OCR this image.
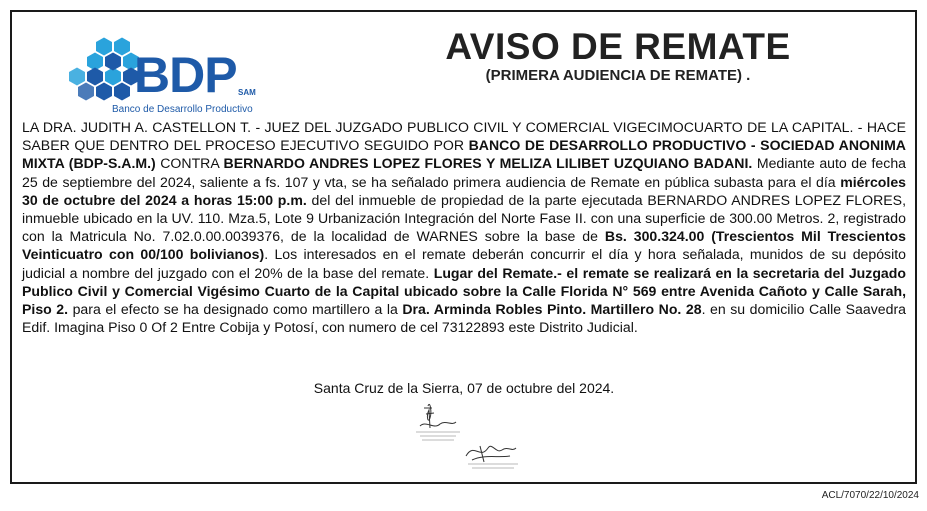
BDP SAM
Banco de Desarrollo Productivo
AVISO DE REMATE
(PRIMERA AUDIENCIA DE REMATE) .
LA DRA. JUDITH A. CASTELLON T. - JUEZ DEL JUZGADO PUBLICO CIVIL Y COMERCIAL VIGECIMOCUARTO DE LA CAPITAL. - HACE SABER QUE DENTRO DEL PROCESO EJECUTIVO SEGUIDO POR BANCO DE DESARROLLO PRODUCTIVO - SOCIEDAD ANONIMA MIXTA (BDP-S.A.M.) CONTRA BERNARDO ANDRES LOPEZ FLORES Y MELIZA LILIBET UZQUIANO BADANI. Mediante auto de fecha 25 de septiembre del 2024, saliente a fs. 107 y vta, se ha señalado primera audiencia de Remate en pública subasta para el día miércoles 30 de octubre del 2024 a horas 15:00 p.m. del del inmueble de propiedad de la parte ejecutada BERNARDO ANDRES LOPEZ FLORES, inmueble ubicado en la UV. 110. Mza.5, Lote 9 Urbanización Integración del Norte Fase II. con una superficie de 300.00 Metros. 2, registrado con la Matricula No. 7.02.0.00.0039376, de la localidad de WARNES sobre la base de Bs. 300.324.00 (Trescientos Mil Trescientos Veinticuatro con 00/100 bolivianos). Los interesados en el remate deberán concurrir el día y hora señalada, munidos de su depósito judicial a nombre del juzgado con el 20% de la base del remate. Lugar del Remate.- el remate se realizará en la secretaria del Juzgado Publico Civil y Comercial Vigésimo Cuarto de la Capital ubicado sobre la Calle Florida N° 569 entre Avenida Cañoto y Calle Sarah, Piso 2. para el efecto se ha designado como martillero a la Dra. Arminda Robles Pinto. Martillero No. 28. en su domicilio Calle Saavedra Edif. Imagina Piso 0 Of 2 Entre Cobija y Potosí, con numero de cel 73122893 este Distrito Judicial.
Santa Cruz de la Sierra, 07 de octubre del 2024.
ACL/7070/22/10/2024
